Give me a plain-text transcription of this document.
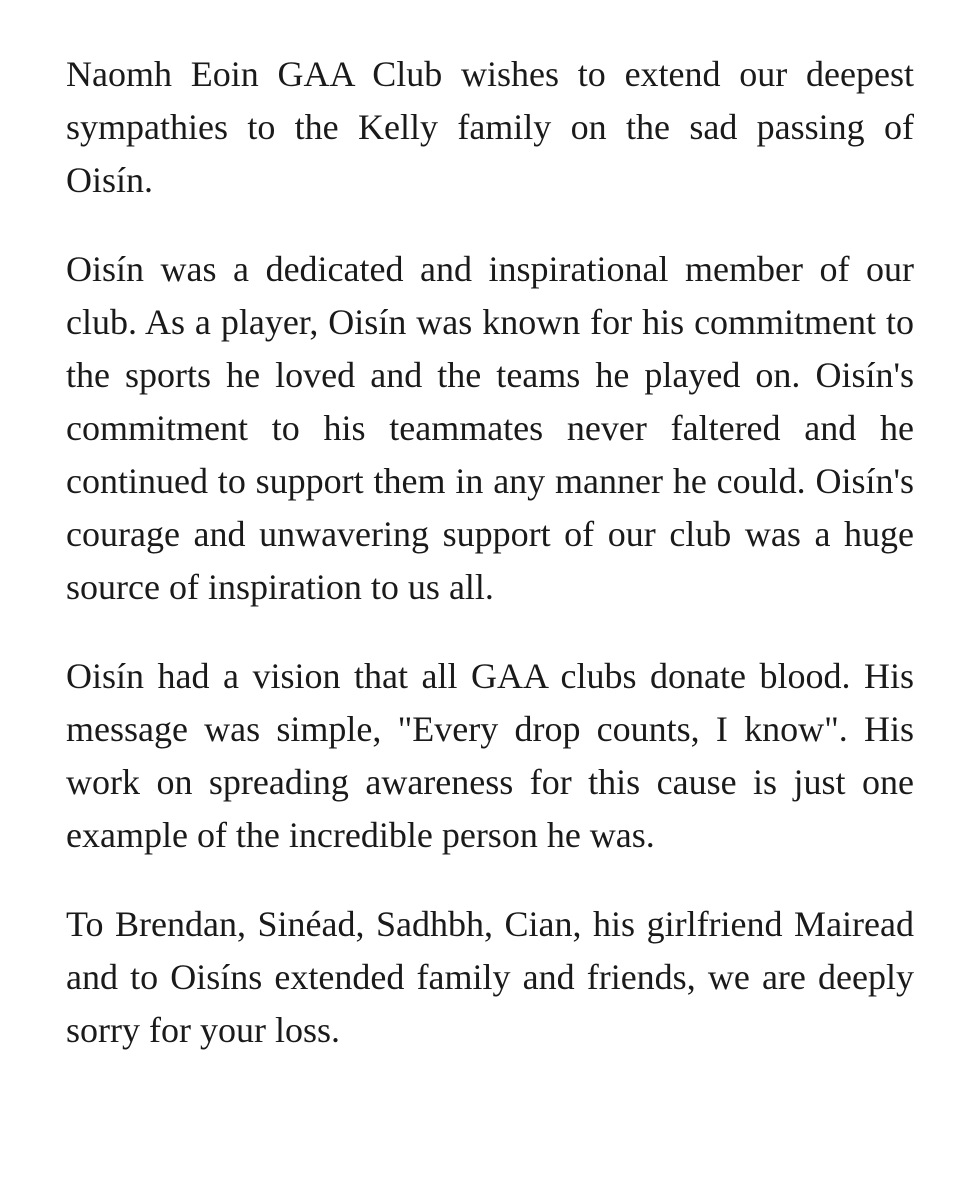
Naomh Eoin GAA Club wishes to extend our deepest sympathies to the Kelly family on the sad passing of Oisín.

Oisín was a dedicated and inspirational member of our club. As a player, Oisín was known for his commitment to the sports he loved and the teams he played on. Oisín's commitment to his teammates never faltered and he continued to support them in any manner he could. Oisín's courage and unwavering support of our club was a huge source of inspiration to us all.

Oisín had a vision that all GAA clubs donate blood. His message was simple, "Every drop counts, I know". His work on spreading awareness for this cause is just one example of the incredible person he was.

To Brendan, Sinéad, Sadhbh, Cian, his girlfriend Mairead and to Oisíns extended family and friends, we are deeply sorry for your loss.
